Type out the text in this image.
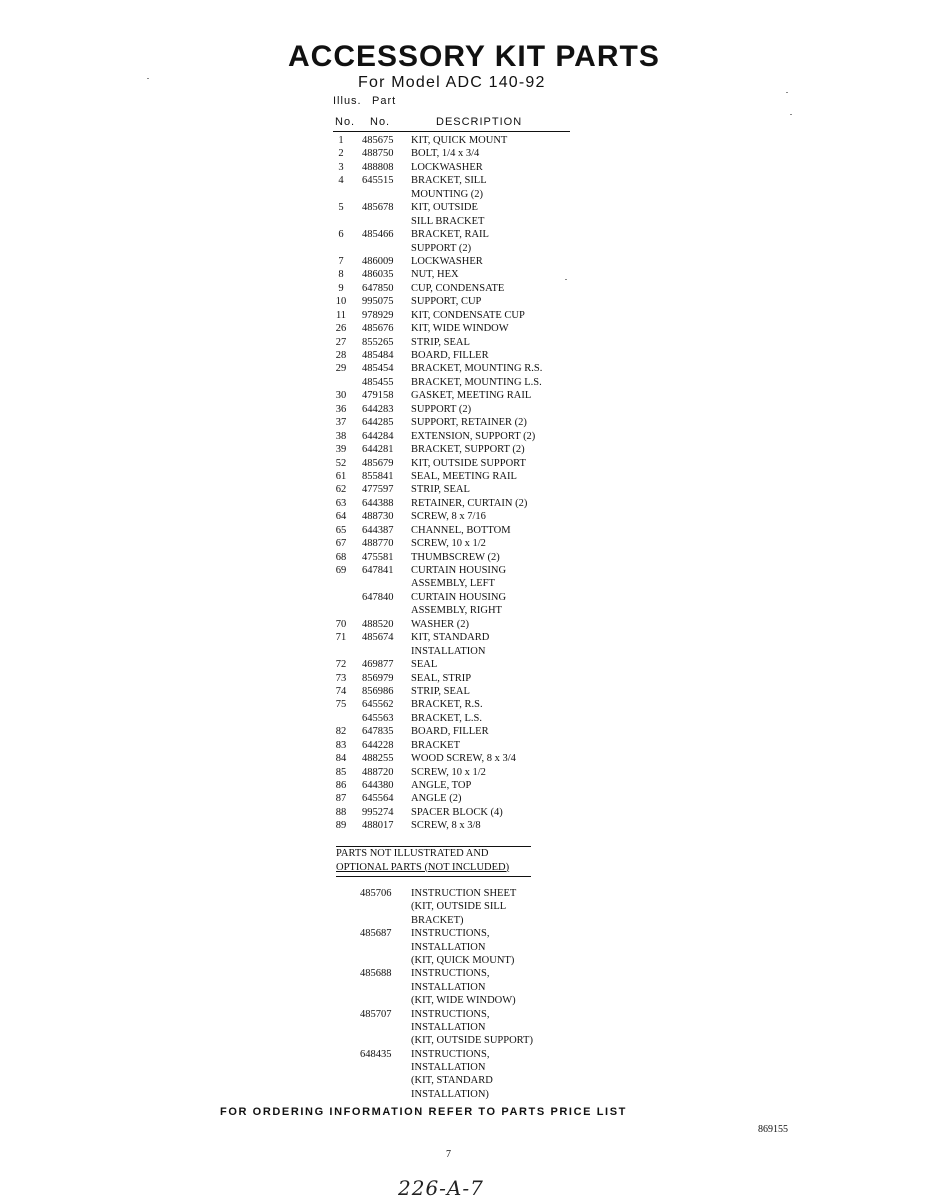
ACCESSORY KIT PARTS
For Model ADC 140-92
Illus. Part
No. No.	DESCRIPTION
1	485675	KIT, QUICK MOUNT
2	488750	BOLT, 1/4 x 3/4
3	488808	LOCKWASHER
4	645515	BRACKET, SILL
MOUNTING (2)
5	485678	KIT, OUTSIDE
SILL BRACKET
6	485466	BRACKET, RAIL
SUPPORT (2)
7	486009	LOCKWASHER
8	486035	NUT, HEX
9	647850	CUP, CONDENSATE
10 995075	SUPPORT, CUP
11 978929	KIT, CONDENSATE CUP
26 485676	KIT, WIDE WINDOW
27 855265	STRIP, SEAL
28 485484	BOARD, FILLER
29 485454	BRACKET, MOUNTING R.S.
485455	BRACKET, MOUNTING L.S.
30 479158	GASKET, MEETING RAIL
36 644283	SUPPORT (2)
37 644285	SUPPORT, RETAINER (2)
38 644284	EXTENSION, SUPPORT (2)
39 644281	BRACKET, SUPPORT (2)
52 485679	KIT, OUTSIDE SUPPORT
61 855841	SEAL, MEETING RAIL
62 477597	STRIP, SEAL
63 644388	RETAINER, CURTAIN (2)
64 488730	SCREW, 8 x 7/16
65 644387	CHANNEL, BOTTOM
67 488770	SCREW, 10 x 1/2
68 475581	THUMBSCREW (2)
69 647841	CURTAIN HOUSING
ASSEMBLY, LEFT
647840	CURTAIN HOUSING
ASSEMBLY, RIGHT
70 488520	WASHER (2)
71 485674	KIT, STANDARD
INSTALLATION
72 469877	SEAL
73 856979	SEAL, STRIP
74 856986	STRIP, SEAL
75 645562	BRACKET, R.S.
645563	BRACKET, L.S.
82 647835	BOARD, FILLER
83 644228	BRACKET
84 488255	WOOD SCREW, 8 x 3/4
85 488720	SCREW, 10 x 1/2
86 644380	ANGLE, TOP
87 645564	ANGLE (2)
88 995274	SPACER BLOCK (4)
89 488017	SCREW, 8 x 3/8
PARTS NOT ILLUSTRATED AND
OPTIONAL PARTS (NOT INCLUDED)
485706	INSTRUCTION SHEET
(KIT, OUTSIDE SILL
BRACKET)
485687	INSTRUCTIONS,
INSTALLATION
(KIT, QUICK MOUNT)
485688	INSTRUCTIONS,
INSTALLATION
(KIT, WIDE WINDOW)
485707	INSTRUCTIONS,
INSTALLATION
(KIT, OUTSIDE SUPPORT)
648435	INSTRUCTIONS,
INSTALLATION
(KIT, STANDARD
INSTALLATION)
FOR ORDERING INFORMATION REFER TO PARTS PRICE LIST
869155
7
226-A-7
